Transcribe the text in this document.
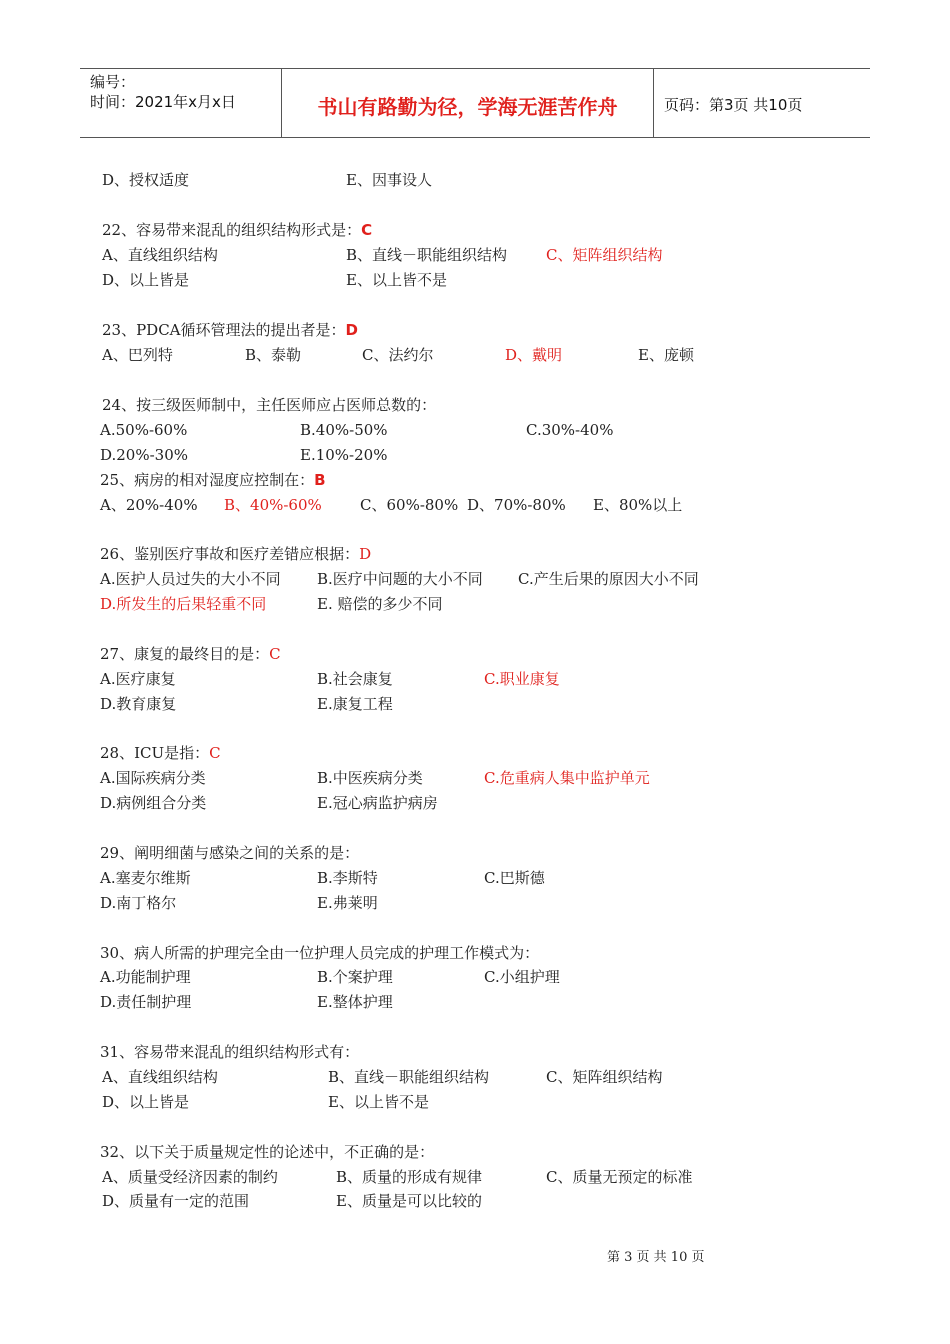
编号：
时间：2021年x月x日	书山有路勤为径，学海无涯苦作舟	页码：第3页 共10页
D、授权适度	E、因事设人
22、容易带来混乱的组织结构形式是：C
A、直线组织结构	B、直线－职能组织结构	C、矩阵组织结构
D、以上皆是	E、以上皆不是
23、PDCA循环管理法的提出者是：D
A、巴列特	B、泰勒	C、法约尔	D、戴明	E、庞顿
24、按三级医师制中，主任医师应占医师总数的：
A.50%-60%	B.40%-50%	C.30%-40%
D.20%-30%	E.10%-20%
25、病房的相对湿度应控制在：B
A、20%-40% B、40%-60%	C、60%-80% D、70%-80% E、80%以上
26、鉴别医疗事故和医疗差错应根据：D
A.医护人员过失的大小不同 B.医疗中问题的大小不同 C.产生后果的原因大小不同
D.所发生的后果轻重不同	E. 赔偿的多少不同
27、康复的最终目的是：C
A.医疗康复	B.社会康复	C.职业康复
D.教育康复	E.康复工程
28、ICU是指：C
A.国际疾病分类	B.中医疾病分类	C.危重病人集中监护单元
D.病例组合分类	E.冠心病监护病房
29、阐明细菌与感染之间的关系的是：
A.塞麦尔维斯	B.李斯特	C.巴斯德
D.南丁格尔	E.弗莱明
30、病人所需的护理完全由一位护理人员完成的护理工作模式为：
A.功能制护理	B.个案护理	C.小组护理
D.责任制护理	E.整体护理
31、容易带来混乱的组织结构形式有：
A、直线组织结构	B、直线－职能组织结构	C、矩阵组织结构
D、以上皆是	E、以上皆不是
32、以下关于质量规定性的论述中，不正确的是：
A、质量受经济因素的制约	B、质量的形成有规律	C、质量无预定的标准
D、质量有一定的范围	E、质量是可以比较的
第 3 页 共 10 页
